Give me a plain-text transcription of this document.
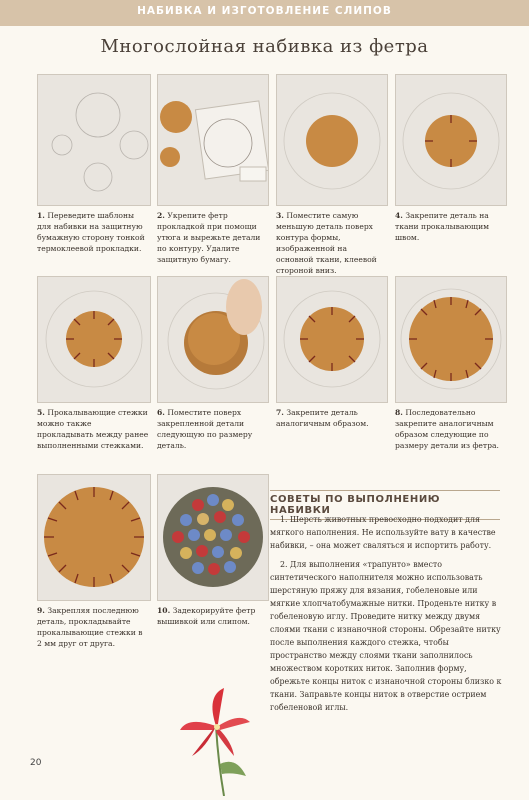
НАБИВКА И ИЗГОТОВЛЕНИЕ СЛИПОВ
Многослойная набивка из фетра
1. Переведите шаблоны для набивки на защитную бумажную сторону тонкой термоклеевой прокладки.
2. Укрепите фетр прокладкой при помощи утюга и вырежьте детали по контуру. Удалите защитную бумагу.
3. Поместите самую меньшую деталь поверх контура формы, изображенной на основной ткани, клеевой стороной вниз.
4. Закрепите деталь на ткани прокалывающим швом.
5. Прокалывающие стежки можно также прокладывать между ранее выполненными стежками.
6. Поместите поверх закрепленной детали следующую по размеру деталь.
7. Закрепите деталь аналогичным образом.
8. Последовательно закрепите аналогичным образом следующие по размеру детали из фетра.
9. Закрепляя последнюю деталь, прокладывайте прокалывающие стежки в 2 мм друг от друга.
10. Задекорируйте фетр вышивкой или слипом.
СОВЕТЫ ПО ВЫПОЛНЕНИЮ НАБИВКИ

1. Шерсть животных превосходно подходит для мягкого наполнения. Не используйте вату в качестве набивки, – она может сваляться и испортить работу.

2. Для выполнения «трапунто» вместо синтетического наполнителя можно использовать шерстяную пряжу для вязания, гобеленовые или мягкие хлопчатобумажные нитки. Проденьте нитку в гобеленовую иглу. Проведите нитку между двумя слоями ткани с изнаночной стороны. Обрезайте нитку после выполнения каждого стежка, чтобы пространство между слоями ткани заполнилось множеством коротких ниток. Заполнив форму, обрежьте концы ниток с изнаночной стороны близко к ткани. Заправьте концы ниток в отверстие острием гобеленовой иглы.

20
